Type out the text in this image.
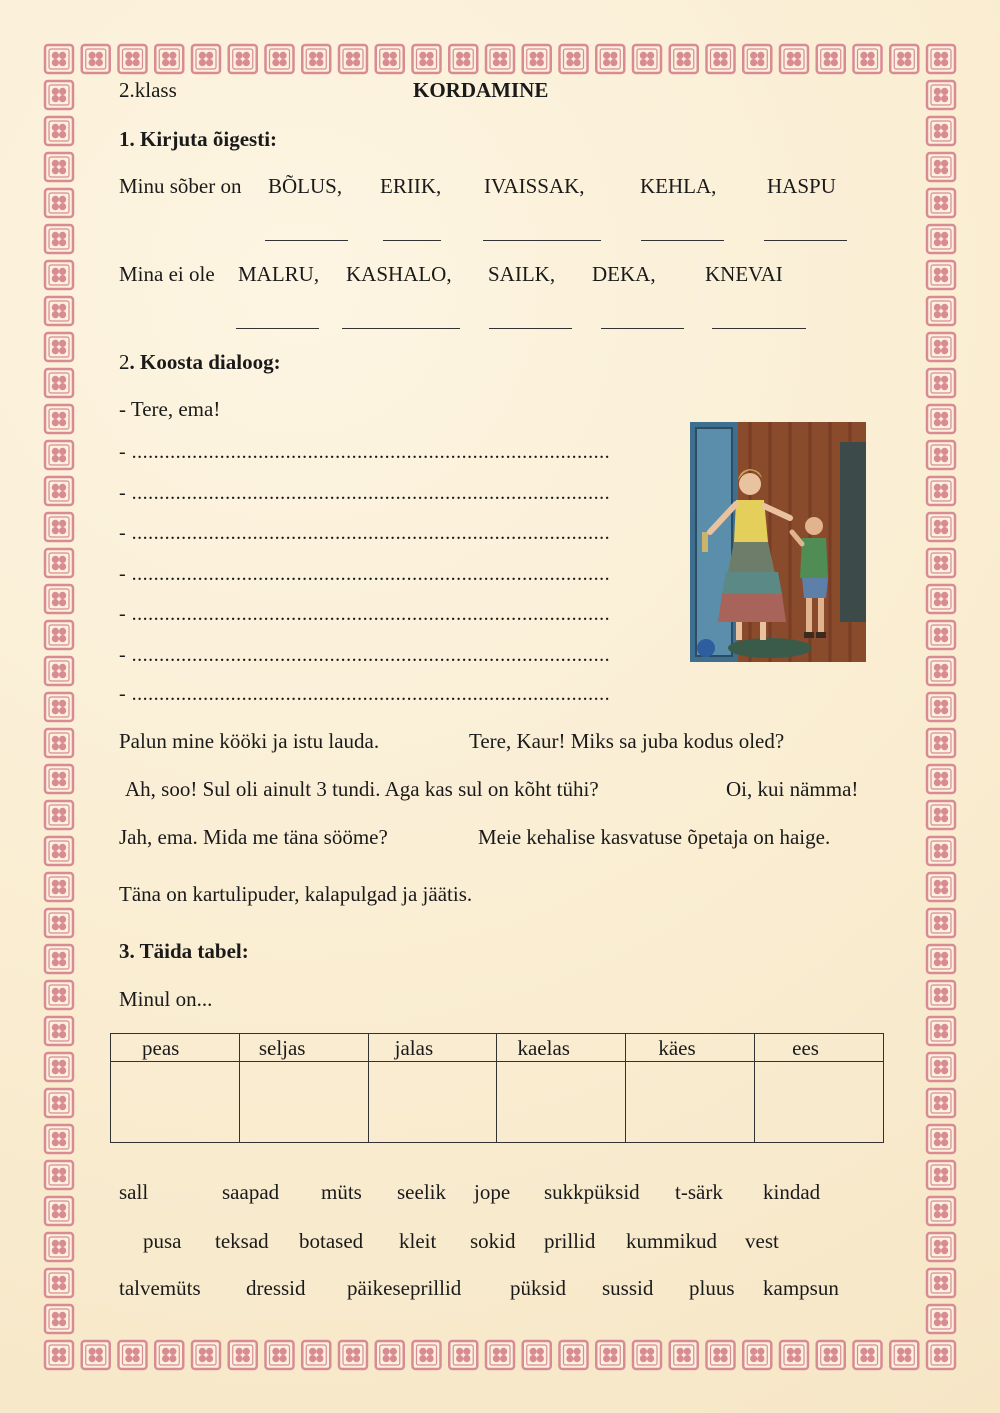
2.klass	KORDAMINE
1. Kirjuta õigesti:
Minu sõber on BÕLUS, ERIIK, IVAISSAK,	KEHLA, HASPU
Mina ei ole MALRU, KASHALO, SAILK, DEKA, KNEVAI
2. Koosta dialoog:
- Tere, ema!
- .......................................................................................
- .......................................................................................
- .......................................................................................
- .......................................................................................
- .......................................................................................
- .......................................................................................
- .......................................................................................
Palun mine kööki ja istu lauda.	Tere, Kaur! Miks sa juba kodus oled?
Ah, soo! Sul oli ainult 3 tundi. Aga kas sul on kõht tühi?	Oi, kui nämma!
Jah, ema. Mida me täna sööme?	Meie kehalise kasvatuse õpetaja on haige.
Täna on kartulipuder, kalapulgad ja jäätis.
3. Täida tabel:
Minul on...
peas	seljas	jalas	kaelas	käes	ees

sall	saapad müts seelik jope sukkpüksid t-särk kindad
pusa teksad botased kleit sokid prillid kummikud vest
talvemüts dressid päikeseprillid püksid sussid pluus kampsun
